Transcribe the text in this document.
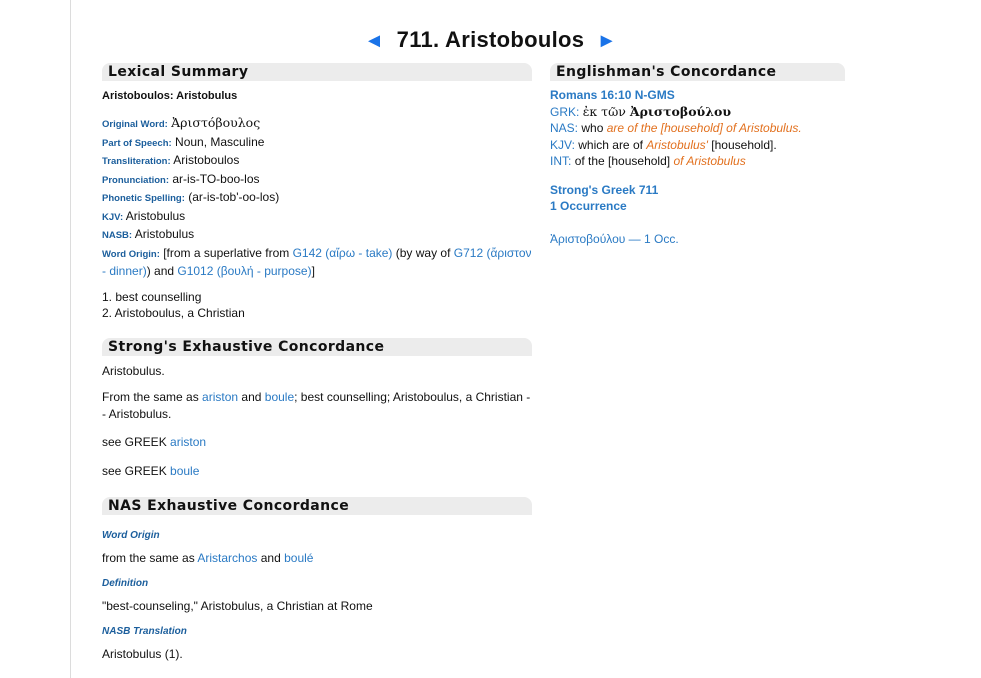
◄ 711. Aristoboulos ►
Lexical Summary
Aristoboulos: Aristobulus
Original Word: Ἀριστόβουλος
Part of Speech: Noun, Masculine
Transliteration: Aristoboulos
Pronunciation: ar-is-TO-boo-los
Phonetic Spelling: (ar-is-tob'-oo-los)
KJV: Aristobulus
NASB: Aristobulus
Word Origin: [from a superlative from G142 (αἴρω - take) (by way of G712 (ἄριστον - dinner)) and G1012 (βουλή - purpose)]
1. best counselling
2. Aristoboulus, a Christian
Strong's Exhaustive Concordance
Aristobulus.
From the same as ariston and boule; best counselling; Aristoboulus, a Christian -- Aristobulus.
see GREEK ariston
see GREEK boule
NAS Exhaustive Concordance
Word Origin
from the same as Aristarchos and boulé
Definition
"best-counseling," Aristobulus, a Christian at Rome
NASB Translation
Aristobulus (1).
Englishman's Concordance
Romans 16:10 N-GMS
GRK: ἐκ τῶν Ἀριστοβούλου
NAS: who are of the [household] of Aristobulus.
KJV: which are of Aristobulus' [household].
INT: of the [household] of Aristobulus
Strong's Greek 711
1 Occurrence
Ἀριστοβούλου — 1 Occ.
